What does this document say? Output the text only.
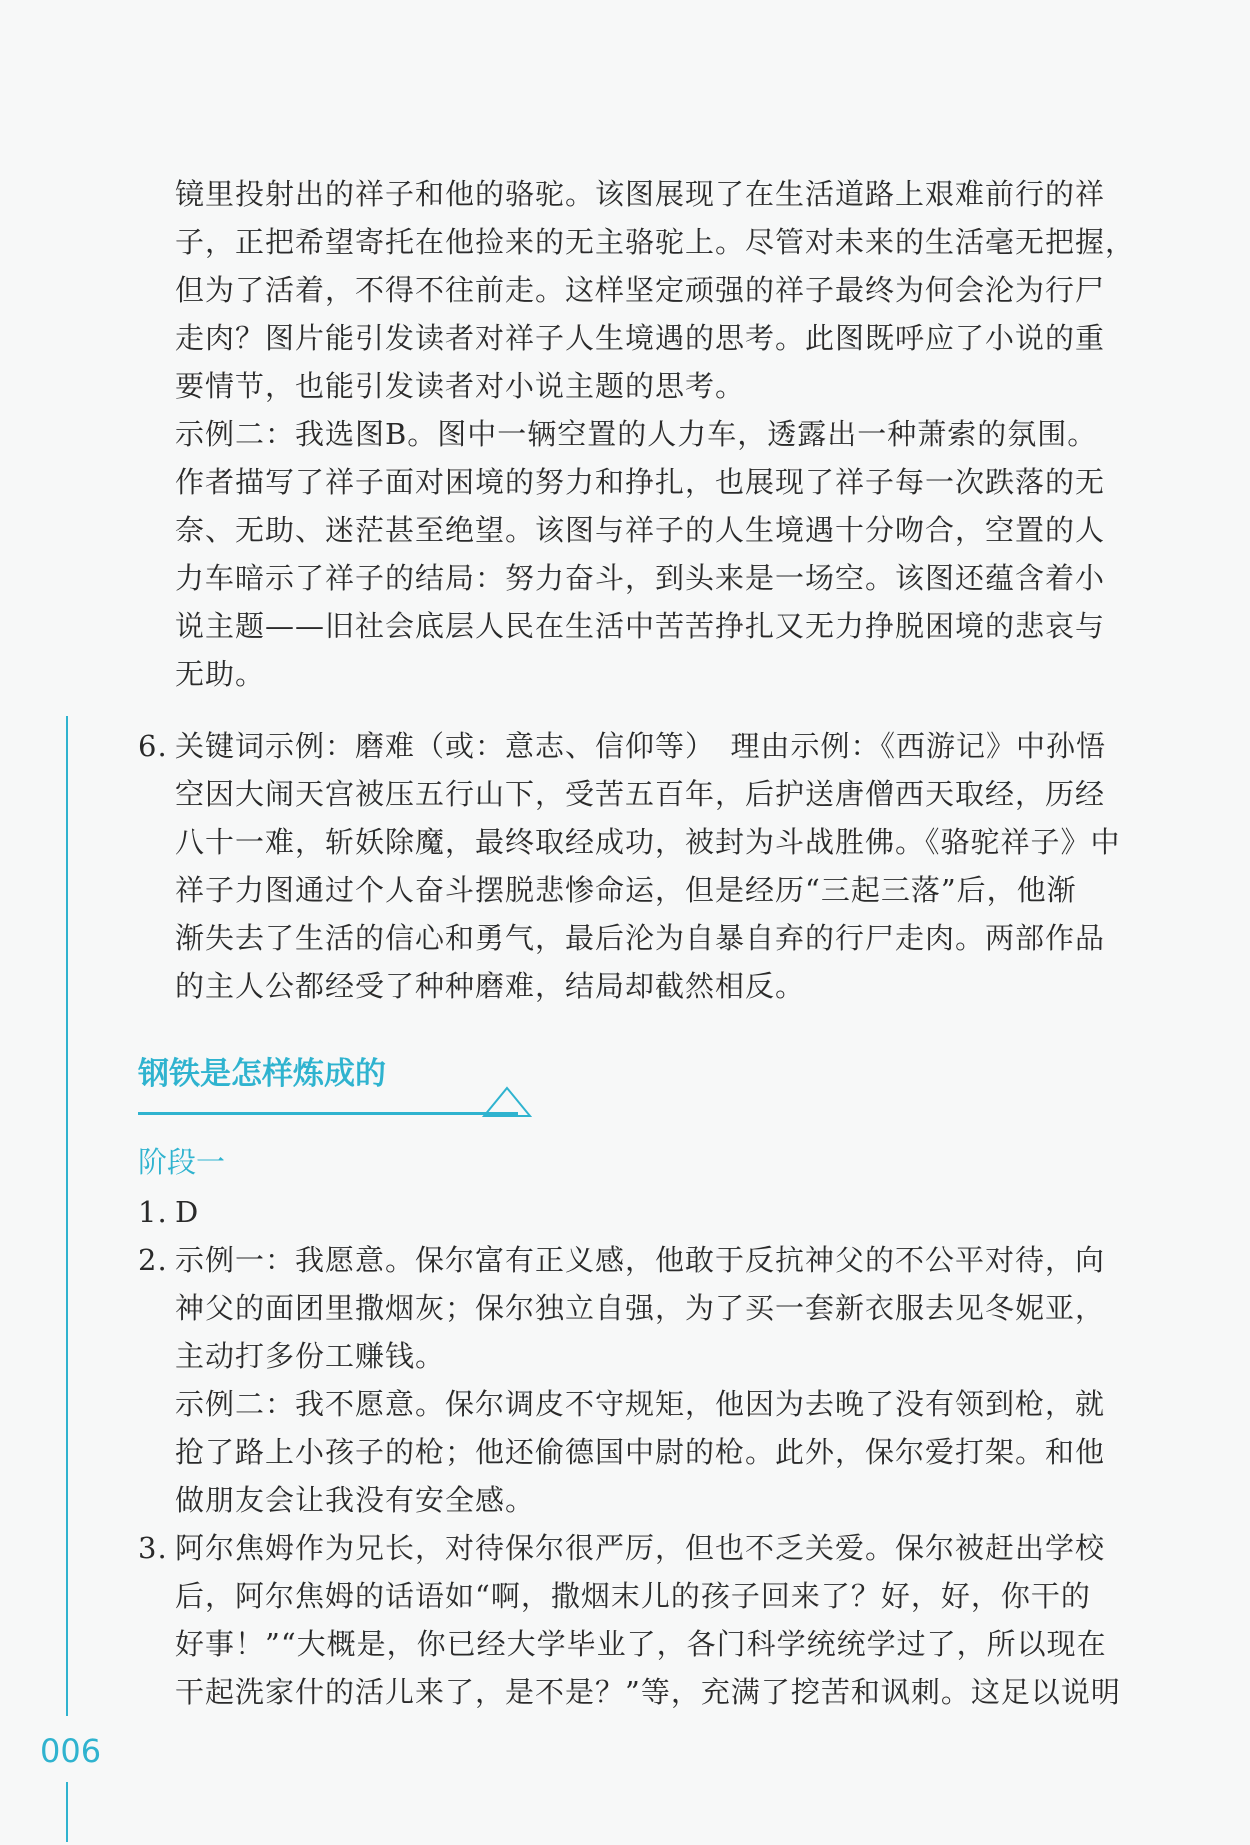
镜里投射出的祥子和他的骆驼。该图展现了在生活道路上艰难前行的祥
子，正把希望寄托在他捡来的无主骆驼上。尽管对未来的生活毫无把握，
但为了活着，不得不往前走。这样坚定顽强的祥子最终为何会沦为行尸
走肉？图片能引发读者对祥子人生境遇的思考。此图既呼应了小说的重
要情节，也能引发读者对小说主题的思考。
示例二：我选图B。图中一辆空置的人力车，透露出一种萧索的氛围。
作者描写了祥子面对困境的努力和挣扎，也展现了祥子每一次跌落的无
奈、无助、迷茫甚至绝望。该图与祥子的人生境遇十分吻合，空置的人
力车暗示了祥子的结局：努力奋斗，到头来是一场空。该图还蕴含着小
说主题——旧社会底层人民在生活中苦苦挣扎又无力挣脱困境的悲哀与
无助。
6. 关键词示例：磨难（或：意志、信仰等）　理由示例：《西游记》中孙悟
空因大闹天宫被压五行山下，受苦五百年，后护送唐僧西天取经，历经
八十一难，斩妖除魔，最终取经成功，被封为斗战胜佛。《骆驼祥子》中
祥子力图通过个人奋斗摆脱悲惨命运，但是经历“三起三落”后，他渐
渐失去了生活的信心和勇气，最后沦为自暴自弃的行尸走肉。两部作品
的主人公都经受了种种磨难，结局却截然相反。
钢铁是怎样炼成的
阶段一
1. D
2. 示例一：我愿意。保尔富有正义感，他敢于反抗神父的不公平对待，向
神父的面团里撒烟灰；保尔独立自强，为了买一套新衣服去见冬妮亚，
主动打多份工赚钱。
示例二：我不愿意。保尔调皮不守规矩，他因为去晚了没有领到枪，就
抢了路上小孩子的枪；他还偷德国中尉的枪。此外，保尔爱打架。和他
做朋友会让我没有安全感。
3. 阿尔焦姆作为兄长，对待保尔很严厉，但也不乏关爱。保尔被赶出学校
后，阿尔焦姆的话语如“啊，撒烟末儿的孩子回来了？好，好，你干的
好事！”“大概是，你已经大学毕业了，各门科学统统学过了，所以现在
干起洗家什的活儿来了，是不是？”等，充满了挖苦和讽刺。这足以说明
006
